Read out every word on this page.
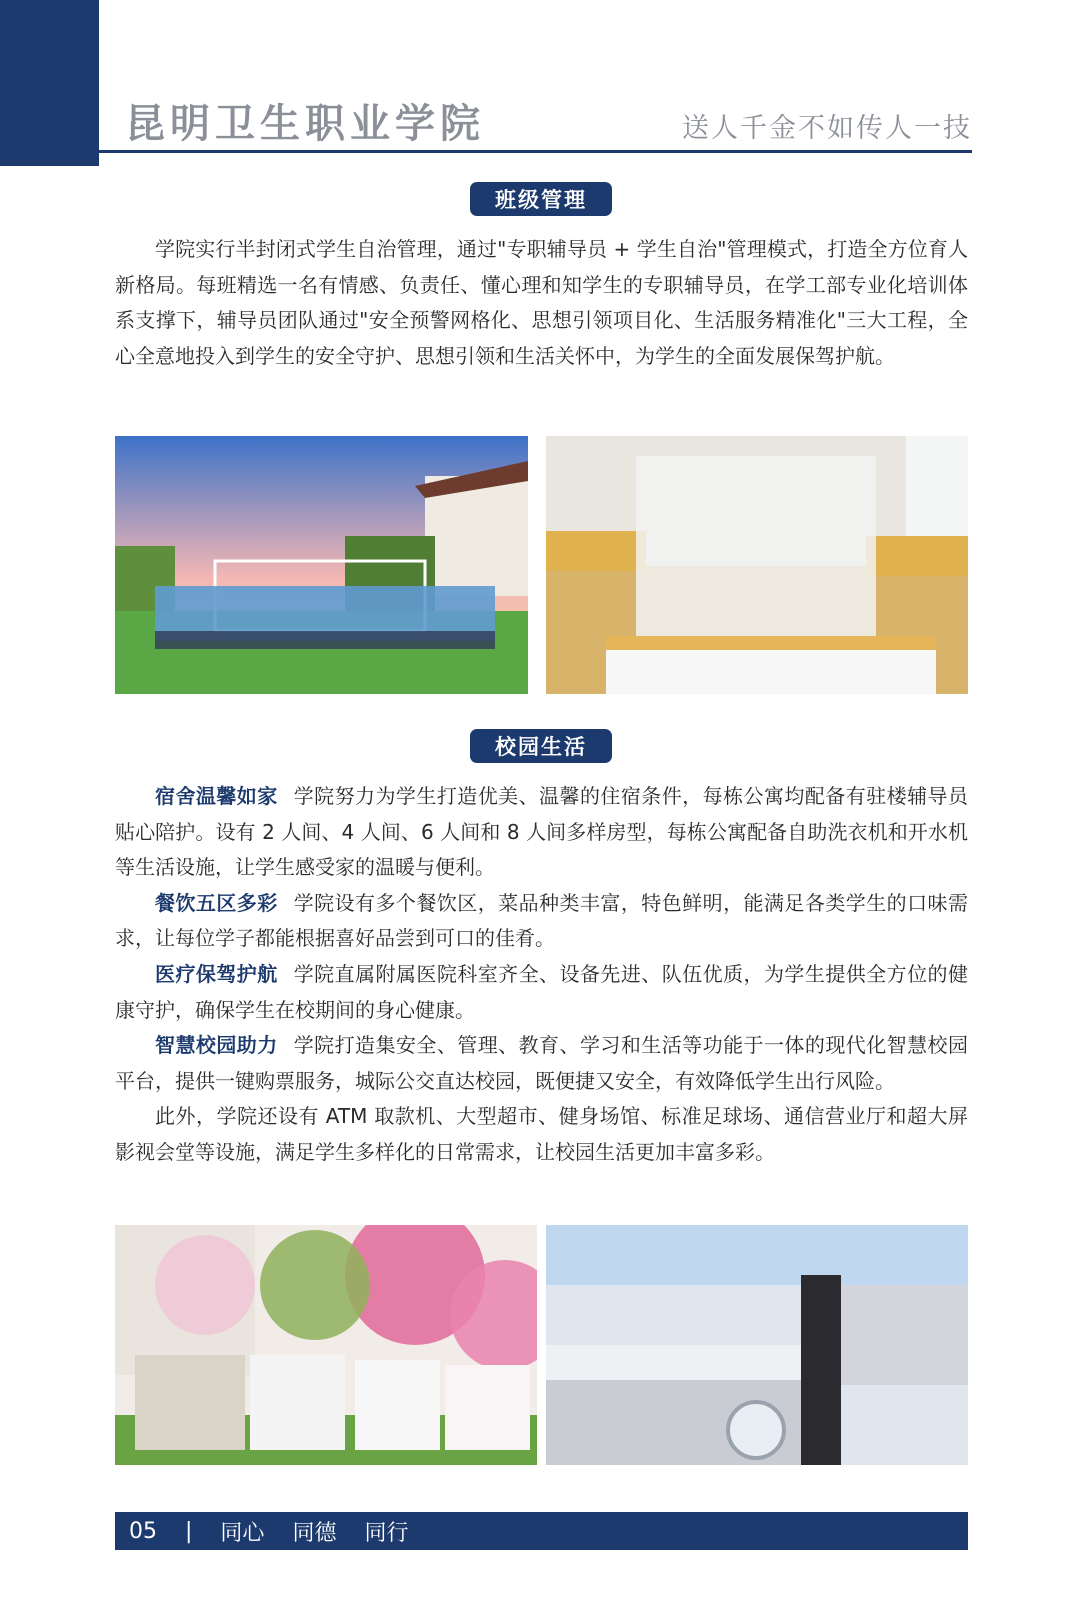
昆明卫生职业学院	送人千金不如传人一技
班级管理

学院实行半封闭式学生自治管理，通过"专职辅导员 + 学生自治"管理模式，打造全方位育人新格局。每班精选一名有情感、负责任、懂心理和知学生的专职辅导员，在学工部专业化培训体系支撑下，辅导员团队通过"安全预警网格化、思想引领项目化、生活服务精准化"三大工程，全心全意地投入到学生的安全守护、思想引领和生活关怀中，为学生的全面发展保驾护航。

校园生活

宿舍温馨如家 学院努力为学生打造优美、温馨的住宿条件，每栋公寓均配备有驻楼辅导员贴心陪护。设有 2 人间、4 人间、6 人间和 8 人间多样房型，每栋公寓配备自助洗衣机和开水机等生活设施，让学生感受家的温暖与便利。

餐饮五区多彩 学院设有多个餐饮区，菜品种类丰富，特色鲜明，能满足各类学生的口味需求，让每位学子都能根据喜好品尝到可口的佳肴。

医疗保驾护航 学院直属附属医院科室齐全、设备先进、队伍优质，为学生提供全方位的健康守护，确保学生在校期间的身心健康。

智慧校园助力 学院打造集安全、管理、教育、学习和生活等功能于一体的现代化智慧校园平台，提供一键购票服务，城际公交直达校园，既便捷又安全，有效降低学生出行风险。

此外，学院还设有 ATM 取款机、大型超市、健身场馆、标准足球场、通信营业厅和超大屏影视会堂等设施，满足学生多样化的日常需求，让校园生活更加丰富多彩。

05 | 同心 同德 同行
